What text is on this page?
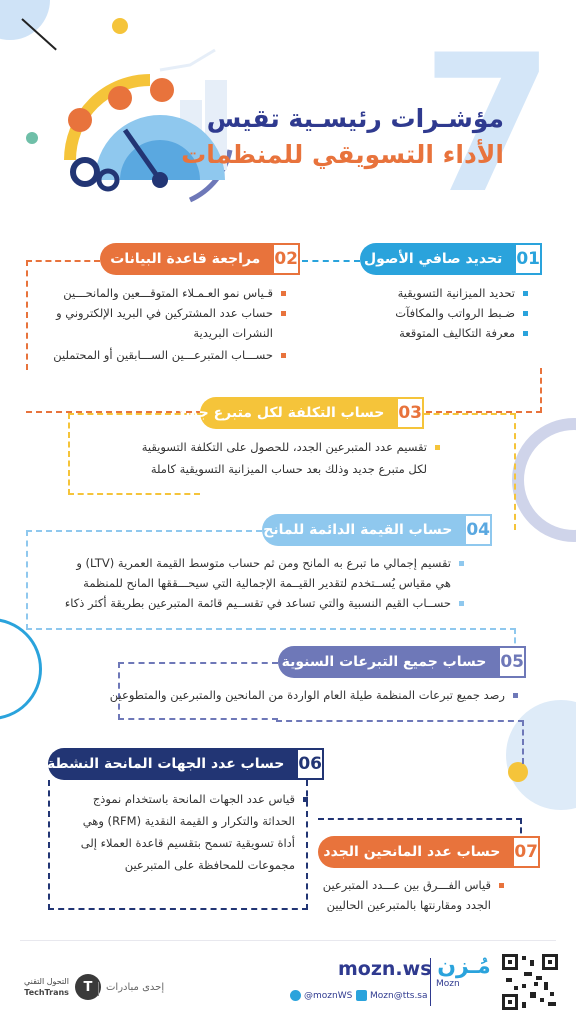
7
مؤشـرات رئيسـية تقيس
الأداء التسويقي للمنظمات
01
تحديد صافي الأصول
تحديد الميزانية التسويقية
ضـبط الرواتب والمكافآت
معرفة التكاليف المتوقعة
02
مراجعة قاعدة البيانات
قـياس نمو العـمـلاء المتوقـــعين والمانحـــين
حساب عدد المشتركين في البريد الإلكتروني و
النشرات البريدية
حســـاب المتبرعـــين الســـابقين أو المحتملين
03
حساب التكلفة لكل متبرع جديد
تقسيم عدد المتبرعين الجدد، للحصول على التكلفة التسويقية
لكل متبرع جديد وذلك بعد حساب الميزانية التسويقية كاملة
04
حساب القيمة الدائمة للمانح
تقسيم إجمالي ما تبرع به المانح ومن ثم حساب متوسط القيمة العمرية (LTV) و
هي مقياس يُســتخدم لتقدير القيــمة الإجمالية التي سيحـــققها المانح للمنظمة
حســاب القيم النسبية والتي تساعد في تقســيم قائمة المتبرعين بطريقة أكثر ذكاء
05
حساب جميع التبرعات السنوية
رصد جميع تبرعات المنظمة طيلة العام الواردة من المانحين والمتبرعين والمتطوعين
06
حساب عدد الجهات المانحة النشطة
قياس عدد الجهات المانحة باستخدام نموذج
الحداثة والتكرار و القيمة النقدية (RFM) وهي
أداة تسويقية تسمح بتقسيم قاعدة العملاء إلى
مجموعات للمحافظة على المتبرعين
07
حساب عدد المانحين الجدد
قياس الفـــرق بين عـــدد المتبرعين
الجدد ومقارنتها بالمتبرعين الحاليين
مُـزن
Mozn
mozn.ws
Mozn@tts.sa
@moznWS
التحول التقني
TechTrans	T	إحدى مبادرات
